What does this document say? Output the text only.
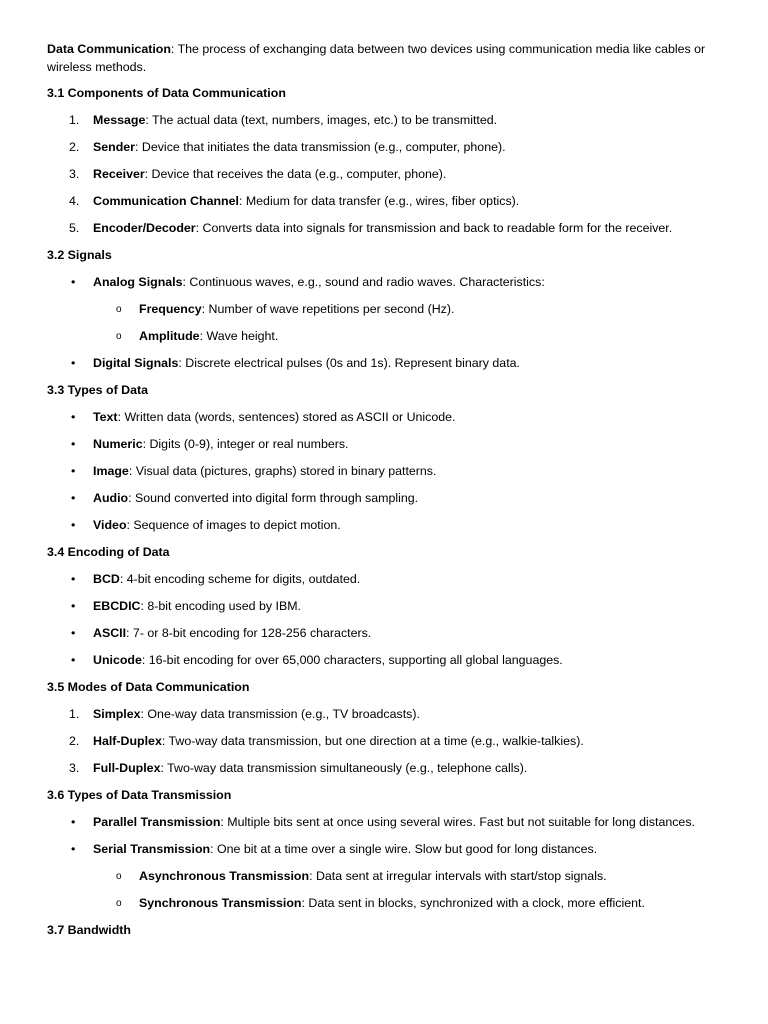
Data Communication: The process of exchanging data between two devices using communication media like cables or wireless methods.

3.1 Components of Data Communication
1. Message: The actual data (text, numbers, images, etc.) to be transmitted.
2. Sender: Device that initiates the data transmission (e.g., computer, phone).
3. Receiver: Device that receives the data (e.g., computer, phone).
4. Communication Channel: Medium for data transfer (e.g., wires, fiber optics).
5. Encoder/Decoder: Converts data into signals for transmission and back to readable form for the receiver.
3.2 Signals
• Analog Signals: Continuous waves, e.g., sound and radio waves. Characteristics:
o Frequency: Number of wave repetitions per second (Hz).
o Amplitude: Wave height.
• Digital Signals: Discrete electrical pulses (0s and 1s). Represent binary data.
3.3 Types of Data
• Text: Written data (words, sentences) stored as ASCII or Unicode.
• Numeric: Digits (0-9), integer or real numbers.
• Image: Visual data (pictures, graphs) stored in binary patterns.
• Audio: Sound converted into digital form through sampling.
• Video: Sequence of images to depict motion.
3.4 Encoding of Data
• BCD: 4-bit encoding scheme for digits, outdated.
• EBCDIC: 8-bit encoding used by IBM.
• ASCII: 7- or 8-bit encoding for 128-256 characters.
• Unicode: 16-bit encoding for over 65,000 characters, supporting all global languages.
3.5 Modes of Data Communication
1. Simplex: One-way data transmission (e.g., TV broadcasts).
2. Half-Duplex: Two-way data transmission, but one direction at a time (e.g., walkie-talkies).
3. Full-Duplex: Two-way data transmission simultaneously (e.g., telephone calls).
3.6 Types of Data Transmission
• Parallel Transmission: Multiple bits sent at once using several wires. Fast but not suitable for long distances.
• Serial Transmission: One bit at a time over a single wire. Slow but good for long distances.
o Asynchronous Transmission: Data sent at irregular intervals with start/stop signals.
o Synchronous Transmission: Data sent in blocks, synchronized with a clock, more efficient.
3.7 Bandwidth
